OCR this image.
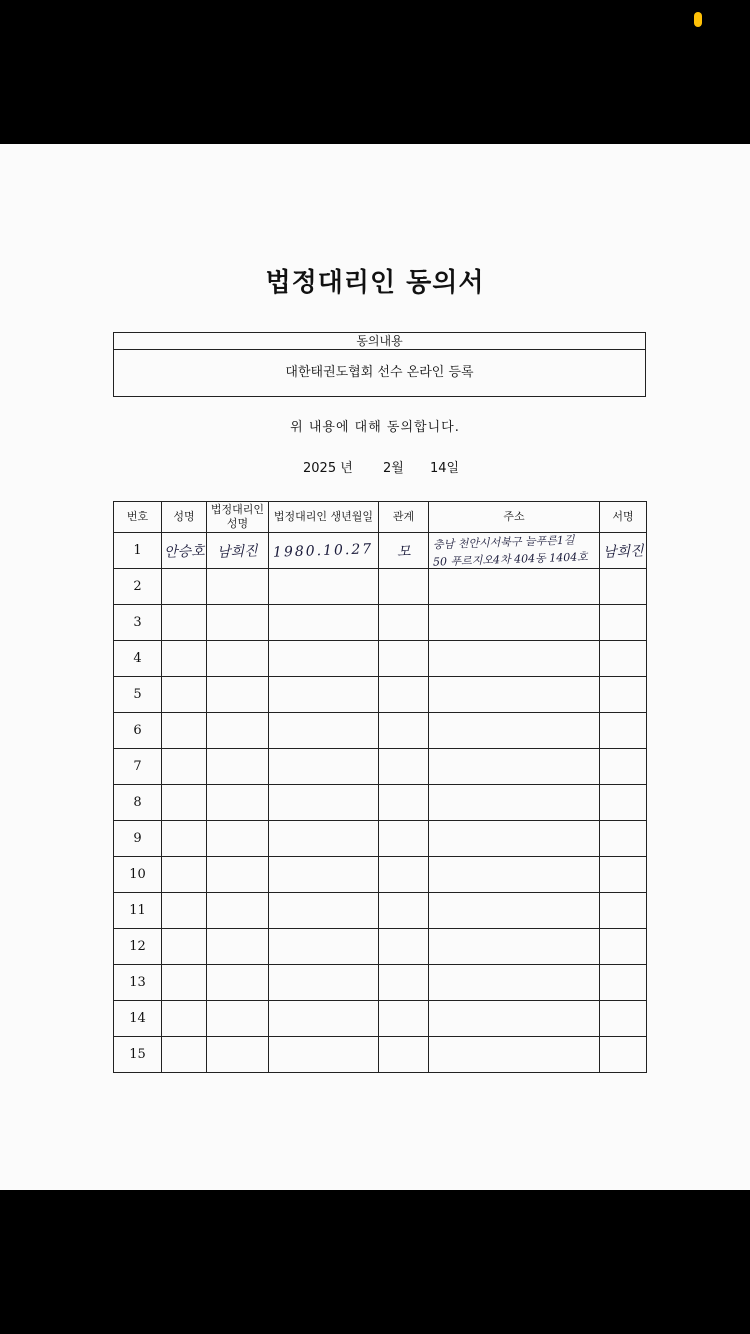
법정대리인 동의서
동의내용
대한태권도협회 선수 온라인 등록
위 내용에 대해 동의합니다.
2025 년 2월 14일
번호	성명	법정대리인 성명	법정대리인 생년월일	관계	주소	서명
1	안승호	남희진	1980.10.27	모	충남 천안시서북구 늘푸른1길50 푸르지오4차 404동 1404호	남희진
2						
3						
4						
5						
6						
7						
8						
9						
10						
11						
12						
13						
14						
15						
